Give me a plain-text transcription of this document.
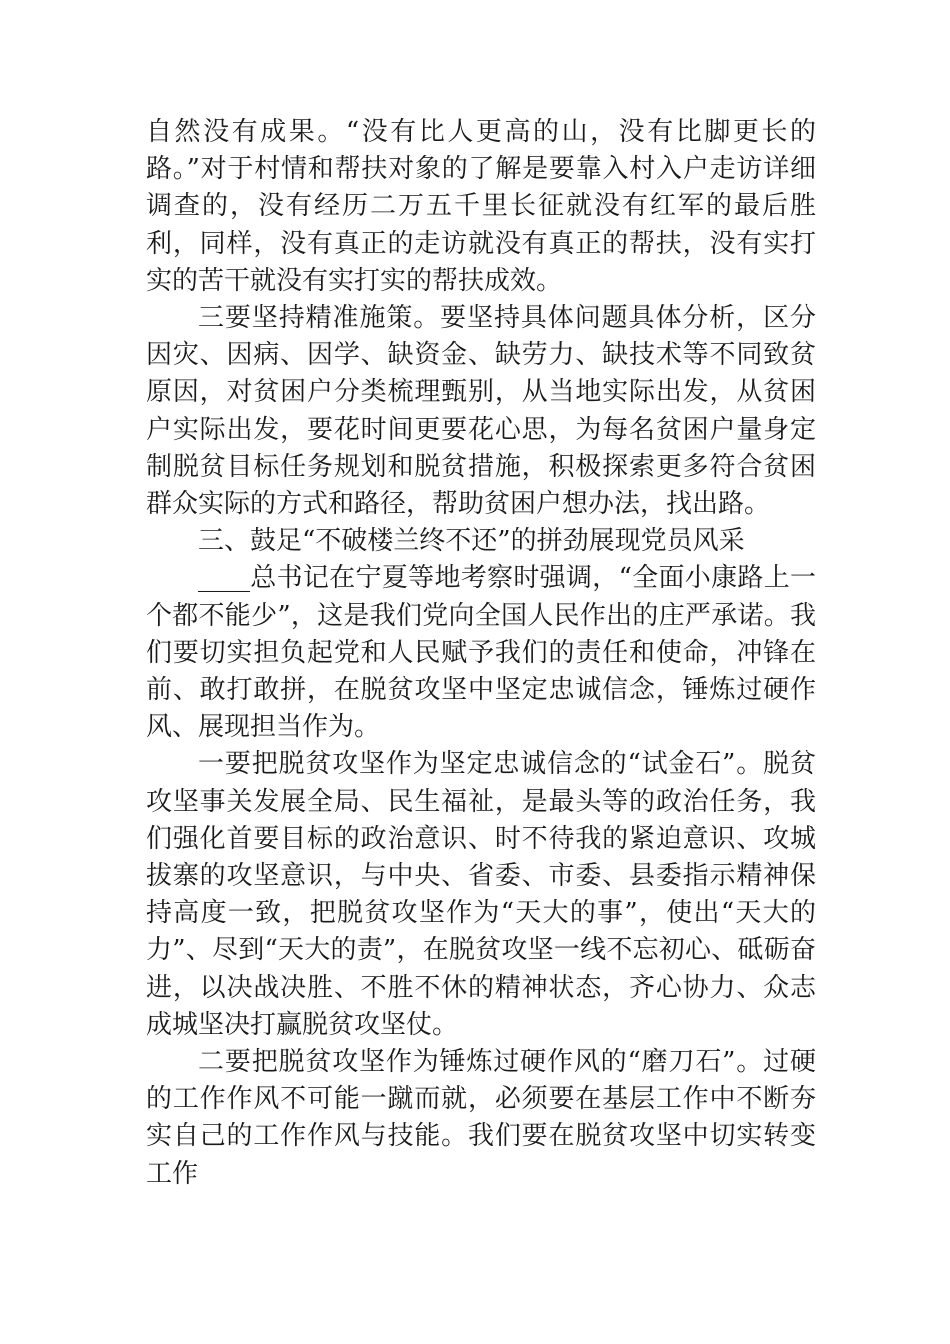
自然没有成果。“没有比人更高的山，没有比脚更长的路。”对于村情和帮扶对象的了解是要靠入村入户走访详细调查的，没有经历二万五千里长征就没有红军的最后胜利，同样，没有真正的走访就没有真正的帮扶，没有实打实的苦干就没有实打实的帮扶成效。

三要坚持精准施策。要坚持具体问题具体分析，区分因灾、因病、因学、缺资金、缺劳力、缺技术等不同致贫原因，对贫困户分类梳理甄别，从当地实际出发，从贫困户实际出发，要花时间更要花心思，为每名贫困户量身定制脱贫目标任务规划和脱贫措施，积极探索更多符合贫困群众实际的方式和路径，帮助贫困户想办法，找出路。

三、鼓足“不破楼兰终不还”的拼劲展现党员风采

____总书记在宁夏等地考察时强调，“全面小康路上一个都不能少”，这是我们党向全国人民作出的庄严承诺。我们要切实担负起党和人民赋予我们的责任和使命，冲锋在前、敢打敢拼，在脱贫攻坚中坚定忠诚信念，锤炼过硬作风、展现担当作为。

一要把脱贫攻坚作为坚定忠诚信念的“试金石”。脱贫攻坚事关发展全局、民生福祉，是最头等的政治任务，我们强化首要目标的政治意识、时不待我的紧迫意识、攻城拔寨的攻坚意识，与中央、省委、市委、县委指示精神保持高度一致，把脱贫攻坚作为“天大的事”，使出“天大的力”、尽到“天大的责”，在脱贫攻坚一线不忘初心、砥砺奋进，以决战决胜、不胜不休的精神状态，齐心协力、众志成城坚决打赢脱贫攻坚仗。

二要把脱贫攻坚作为锤炼过硬作风的“磨刀石”。过硬的工作作风不可能一蹴而就，必须要在基层工作中不断夯实自己的工作作风与技能。我们要在脱贫攻坚中切实转变工作
